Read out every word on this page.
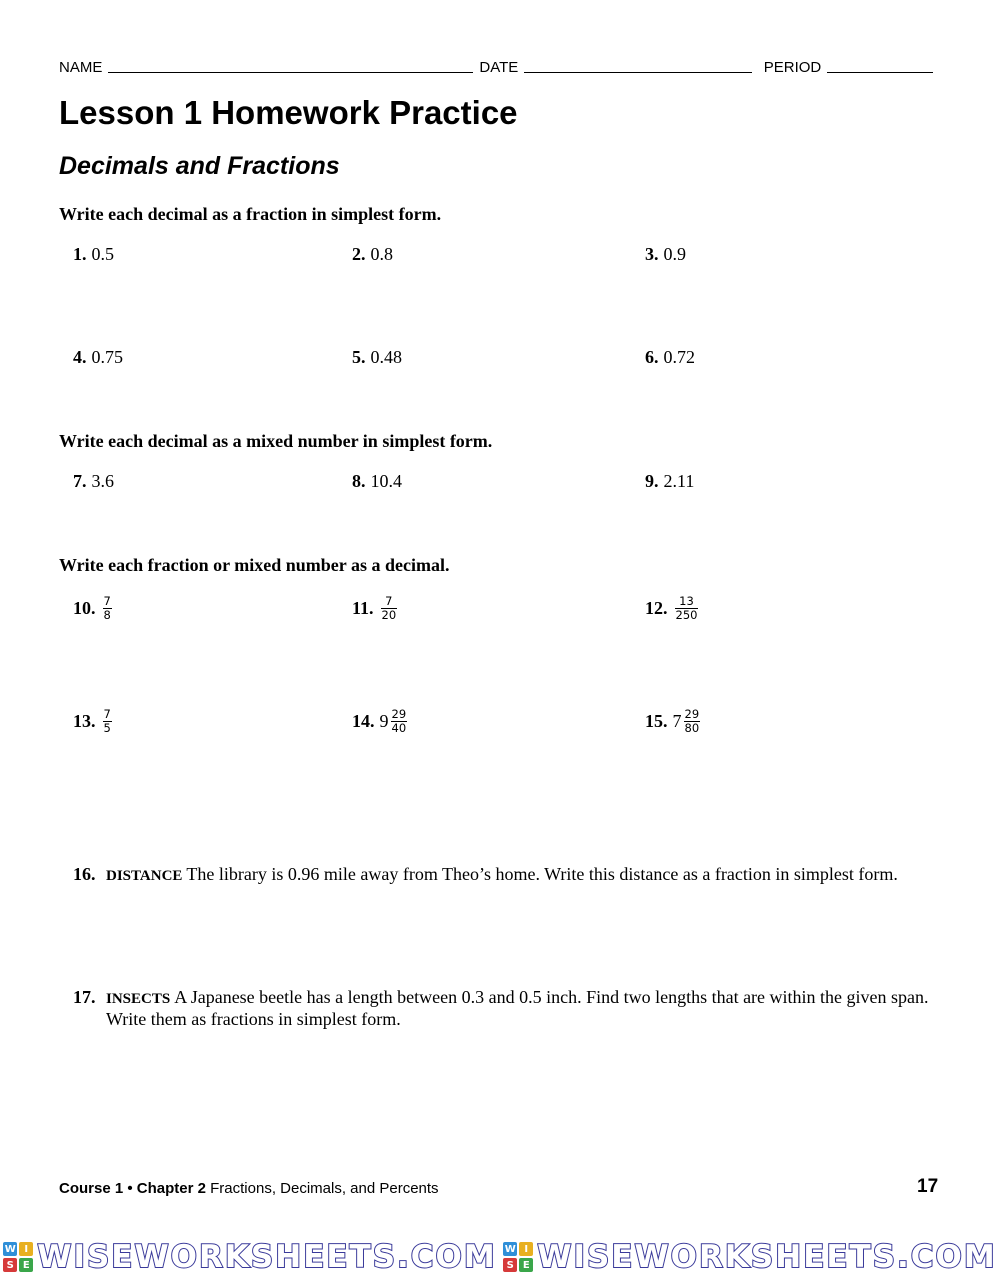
NAME	DATE	PERIOD
Lesson 1 Homework Practice
Decimals and Fractions
Write each decimal as a fraction in simplest form.
1. 0.5	2. 0.8	3. 0.9
4. 0.75	5. 0.48	6. 0.72
Write each decimal as a mixed number in simplest form.
7. 3.6	8. 10.4	9. 2.11
Write each fraction or mixed number as a decimal.
10. $\frac{7}{8}$	11. $\frac{7}{20}$	12. $\frac{13}{250}$
13. $\frac{7}{5}$	14. $9 \frac{29}{40}$	15. $7 \frac{29}{80}$
16. DISTANCE The library is 0.96 mile away from Theo’s home. Write this distance as a fraction in simplest form.
17. INSECTS A Japanese beetle has a length between 0.3 and 0.5 inch. Find two lengths that are within the given span.
Write them as fractions in simplest form.
Course 1 • Chapter 2 Fractions, Decimals, and Percents	17
W I
S E WISEWORKSHEETS.COM W I
S E WISEWORKSHEETS.COM
